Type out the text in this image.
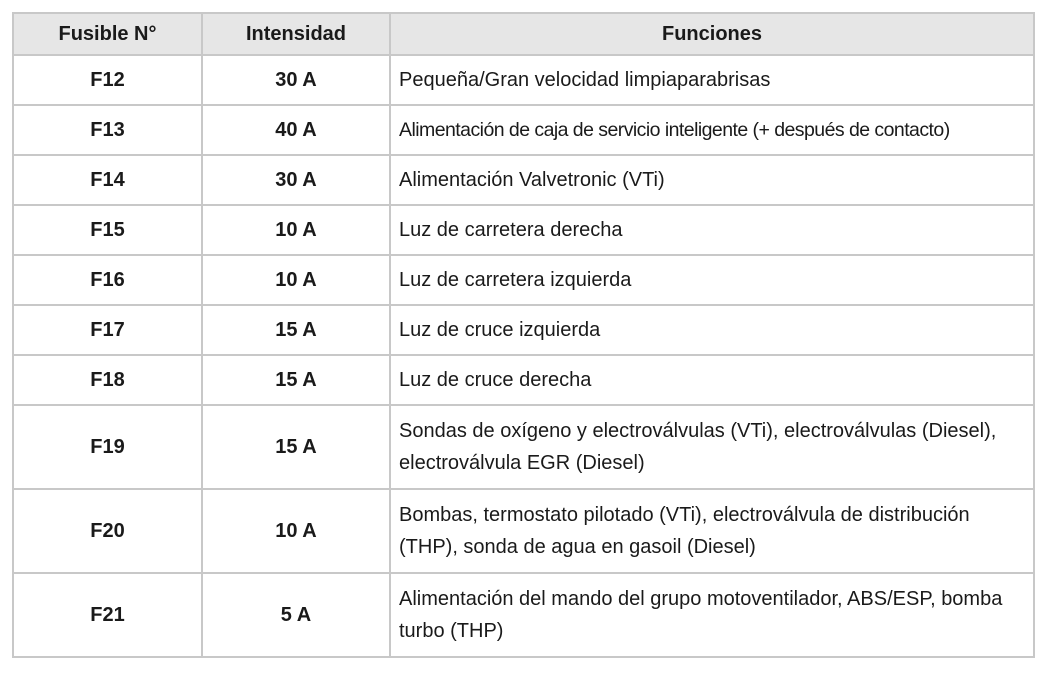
Fusible N°	Intensidad	Funciones
F12	30 A	Pequeña/Gran velocidad limpiaparabrisas
F13	40 A	Alimentación de caja de servicio inteligente (+ después de contacto)
F14	30 A	Alimentación Valvetronic (VTi)
F15	10 A	Luz de carretera derecha
F16	10 A	Luz de carretera izquierda
F17	15 A	Luz de cruce izquierda
F18	15 A	Luz de cruce derecha
F19	15 A	Sondas de oxígeno y electroválvulas (VTi), electroválvulas (Diesel), electroválvula EGR (Diesel)
F20	10 A	Bombas, termostato pilotado (VTi), electroválvula de distribución (THP), sonda de agua en gasoil (Diesel)
F21	5 A	Alimentación del mando del grupo motoventilador, ABS/ESP, bomba turbo (THP)
